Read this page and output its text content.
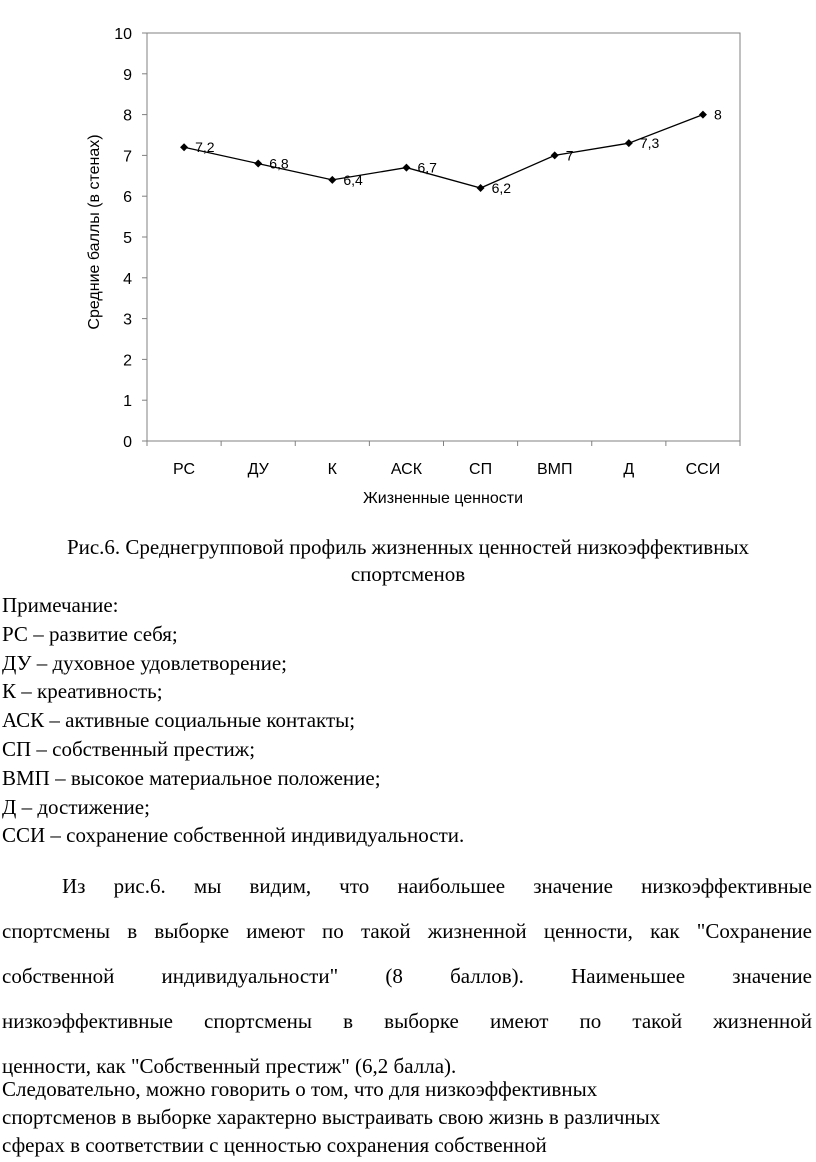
0
1
2
3
4
5
6
7
8
9
10
РС	ДУ	К	АСК	СП	ВМП	Д	ССИ
7,2
6,8
6,4
6,7
6,2
7
7,3
8
Жизненные ценности
Средние баллы (в стенах)
Рис.6. Среднегрупповой профиль жизненных ценностей низкоэффективных
спортсменов
Примечание:
РС – развитие себя;
ДУ – духовное удовлетворение;
К – креативность;
АСК – активные социальные контакты;
СП – собственный престиж;
ВМП – высокое материальное положение;
Д – достижение;
ССИ – сохранение собственной индивидуальности.
Из рис.6. мы видим, что наибольшее значение низкоэффективные
спортсмены в выборке имеют по такой жизненной ценности, как "Сохранение
собственной индивидуальности" (8 баллов). Наименьшее значение
низкоэффективные спортсмены в выборке имеют по такой жизненной
ценности, как "Собственный престиж" (6,2 балла).
Следовательно, можно говорить о том, что для низкоэффективных
спортсменов в выборке характерно выстраивать свою жизнь в различных
сферах в соответствии с ценностью сохранения собственной
